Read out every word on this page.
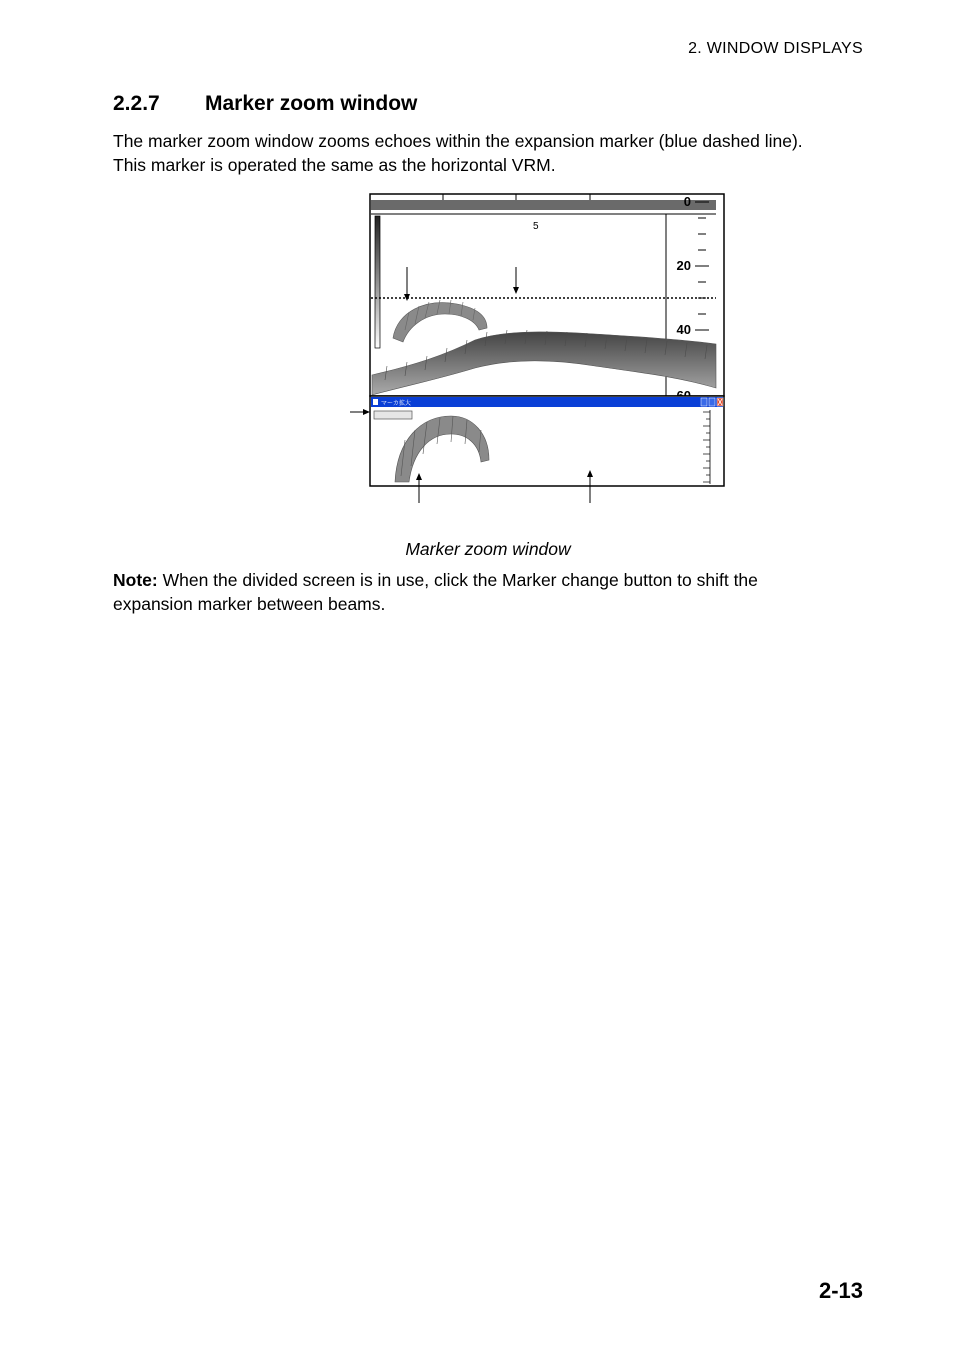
2. WINDOW DISPLAYS
2.2.7 Marker zoom window

The marker zoom window zooms echoes within the expansion marker (blue dashed line).

This marker is operated the same as the horizontal VRM.

5
0
20
40
マーカ拡大
Marker zoom window

Note: When the divided screen is in use, click the Marker change button to shift the

expansion marker between beams.

2-13
